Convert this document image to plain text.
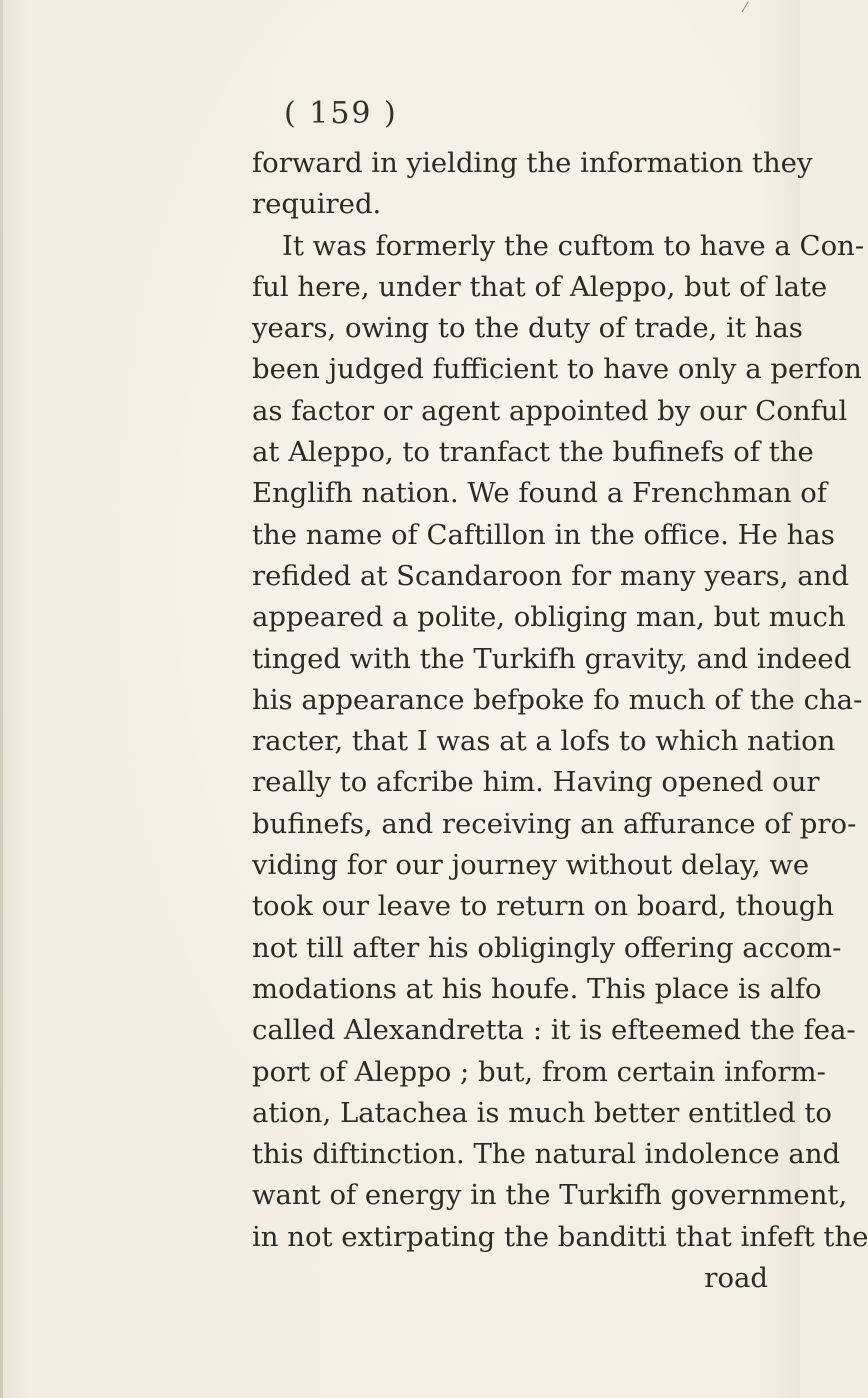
⁄
( 159 )
forward in yielding the information they
required.
It was formerly the cuftom to have a Con-
ful here, under that of Aleppo, but of late
years, owing to the duty of trade, it has
been judged fufficient to have only a perfon
as factor or agent appointed by our Conful
at Aleppo, to tranfact the bufinefs of the
Englifh nation. We found a Frenchman of
the name of Caftillon in the office. He has
refided at Scandaroon for many years, and
appeared a polite, obliging man, but much
tinged with the Turkifh gravity, and indeed
his appearance befpoke fo much of the cha-
racter, that I was at a lofs to which nation
really to afcribe him. Having opened our
bufinefs, and receiving an affurance of pro-
viding for our journey without delay, we
took our leave to return on board, though
not till after his obligingly offering accom-
modations at his houfe. This place is alfo
called Alexandretta : it is efteemed the fea-
port of Aleppo ; but, from certain inform-
ation, Latachea is much better entitled to
this diftinction. The natural indolence and
want of energy in the Turkifh government,
in not extirpating the banditti that infeft the
road
